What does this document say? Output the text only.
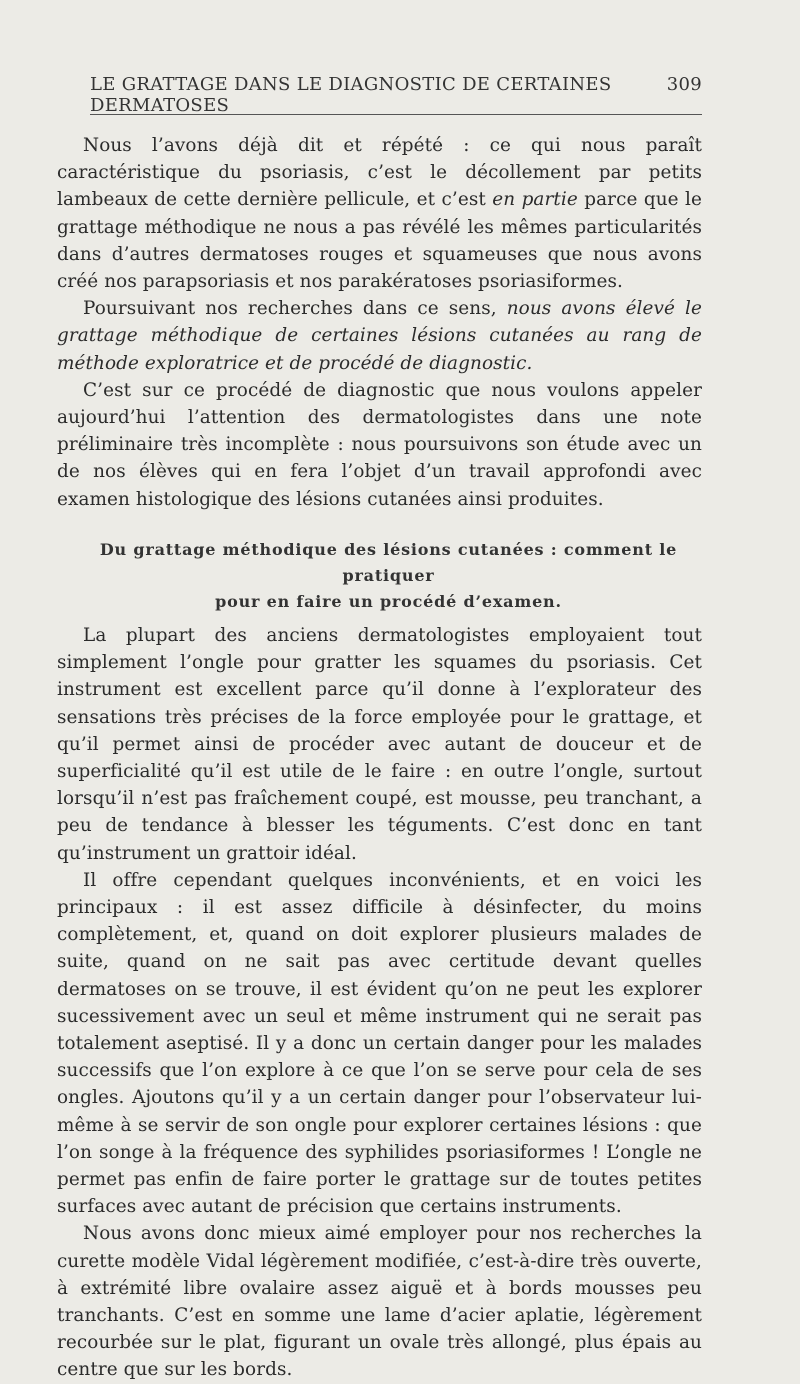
LE GRATTAGE DANS LE DIAGNOSTIC DE CERTAINES DERMATOSES
309

Nous l’avons déjà dit et répété : ce qui nous paraît caractéristique du psoriasis, c’est le décollement par petits lambeaux de cette dernière pellicule, et c’est en partie parce que le grattage méthodique ne nous a pas révélé les mêmes particularités dans d’autres dermatoses rouges et squameuses que nous avons créé nos parapsoriasis et nos parakératoses psoriasiformes.

Poursuivant nos recherches dans ce sens, nous avons élevé le grattage méthodique de certaines lésions cutanées au rang de méthode exploratrice et de procédé de diagnostic.

C’est sur ce procédé de diagnostic que nous voulons appeler aujourd’hui l’attention des dermatologistes dans une note préliminaire très incomplète : nous poursuivons son étude avec un de nos élèves qui en fera l’objet d’un travail approfondi avec examen histologique des lésions cutanées ainsi produites.

Du grattage méthodique des lésions cutanées : comment le pratiquer
pour en faire un procédé d’examen.

La plupart des anciens dermatologistes employaient tout simplement l’ongle pour gratter les squames du psoriasis. Cet instrument est excellent parce qu’il donne à l’explorateur des sensations très précises de la force employée pour le grattage, et qu’il permet ainsi de procéder avec autant de douceur et de superficialité qu’il est utile de le faire : en outre l’ongle, surtout lorsqu’il n’est pas fraîchement coupé, est mousse, peu tranchant, a peu de tendance à blesser les téguments. C’est donc en tant qu’instrument un grattoir idéal.

Il offre cependant quelques inconvénients, et en voici les principaux : il est assez difficile à désinfecter, du moins complètement, et, quand on doit explorer plusieurs malades de suite, quand on ne sait pas avec certitude devant quelles dermatoses on se trouve, il est évident qu’on ne peut les explorer sucessivement avec un seul et même instrument qui ne serait pas totalement aseptisé. Il y a donc un certain danger pour les malades successifs que l’on explore à ce que l’on se serve pour cela de ses ongles. Ajoutons qu’il y a un certain danger pour l’observateur lui-même à se servir de son ongle pour explorer certaines lésions : que l’on songe à la fréquence des syphilides psoriasiformes ! L’ongle ne permet pas enfin de faire porter le grattage sur de toutes petites surfaces avec autant de précision que certains instruments.

Nous avons donc mieux aimé employer pour nos recherches la curette modèle Vidal légèrement modifiée, c’est-à-dire très ouverte, à extrémité libre ovalaire assez aiguë et à bords mousses peu tranchants. C’est en somme une lame d’acier aplatie, légèrement recourbée sur le plat, figurant un ovale très allongé, plus épais au centre que sur les bords.
